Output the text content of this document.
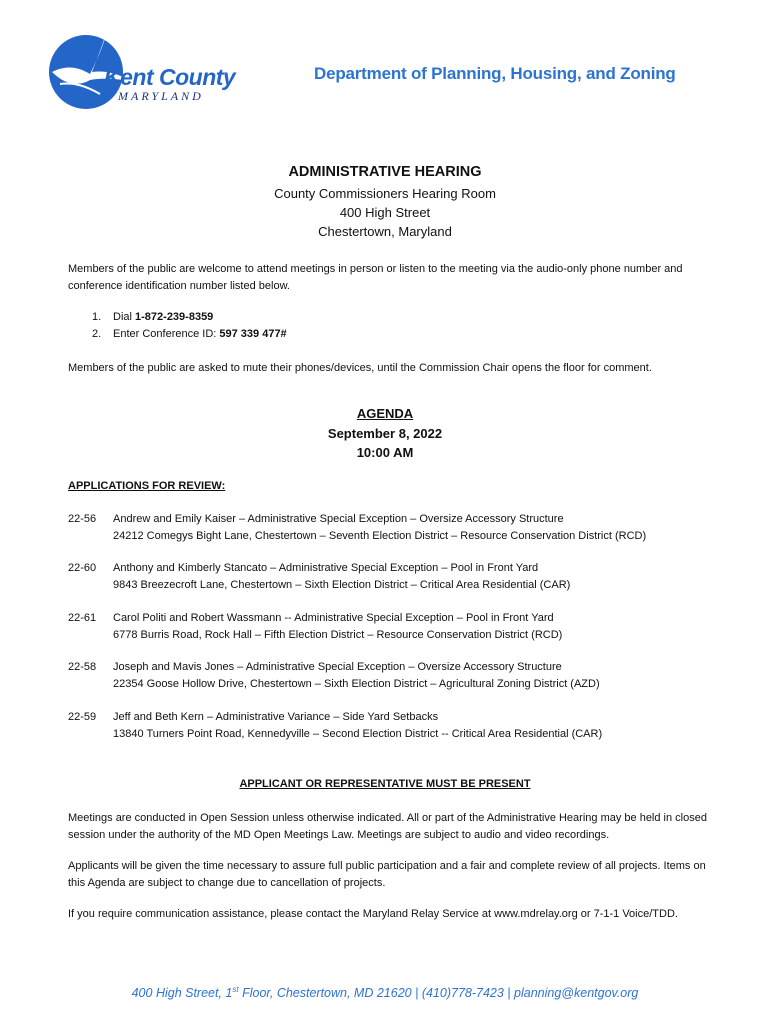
Kent County
MARYLAND
Department of Planning, Housing, and Zoning
ADMINISTRATIVE HEARING
County Commissioners Hearing Room
400 High Street
Chestertown, Maryland
Members of the public are welcome to attend meetings in person or listen to the meeting via the audio-only phone number and conference identification number listed below.
1. Dial 1-872-239-8359
2. Enter Conference ID: 597 339 477#
Members of the public are asked to mute their phones/devices, until the Commission Chair opens the floor for comment.
AGENDA
September 8, 2022
10:00 AM
APPLICATIONS FOR REVIEW:
22-56 Andrew and Emily Kaiser – Administrative Special Exception – Oversize Accessory Structure
24212 Comegys Bight Lane, Chestertown – Seventh Election District – Resource Conservation District (RCD)
22-60 Anthony and Kimberly Stancato – Administrative Special Exception – Pool in Front Yard
9843 Breezecroft Lane, Chestertown – Sixth Election District – Critical Area Residential (CAR)
22-61 Carol Politi and Robert Wassmann -- Administrative Special Exception – Pool in Front Yard
6778 Burris Road, Rock Hall – Fifth Election District – Resource Conservation District (RCD)
22-58 Joseph and Mavis Jones – Administrative Special Exception – Oversize Accessory Structure
22354 Goose Hollow Drive, Chestertown – Sixth Election District – Agricultural Zoning District (AZD)
22-59 Jeff and Beth Kern – Administrative Variance – Side Yard Setbacks
13840 Turners Point Road, Kennedyville – Second Election District -- Critical Area Residential (CAR)
APPLICANT OR REPRESENTATIVE MUST BE PRESENT
Meetings are conducted in Open Session unless otherwise indicated. All or part of the Administrative Hearing may be held in closed session under the authority of the MD Open Meetings Law. Meetings are subject to audio and video recordings.
Applicants will be given the time necessary to assure full public participation and a fair and complete review of all projects. Items on this Agenda are subject to change due to cancellation of projects.
If you require communication assistance, please contact the Maryland Relay Service at www.mdrelay.org or 7-1-1 Voice/TDD.
400 High Street, 1st Floor, Chestertown, MD 21620 | (410)778-7423 | planning@kentgov.org
